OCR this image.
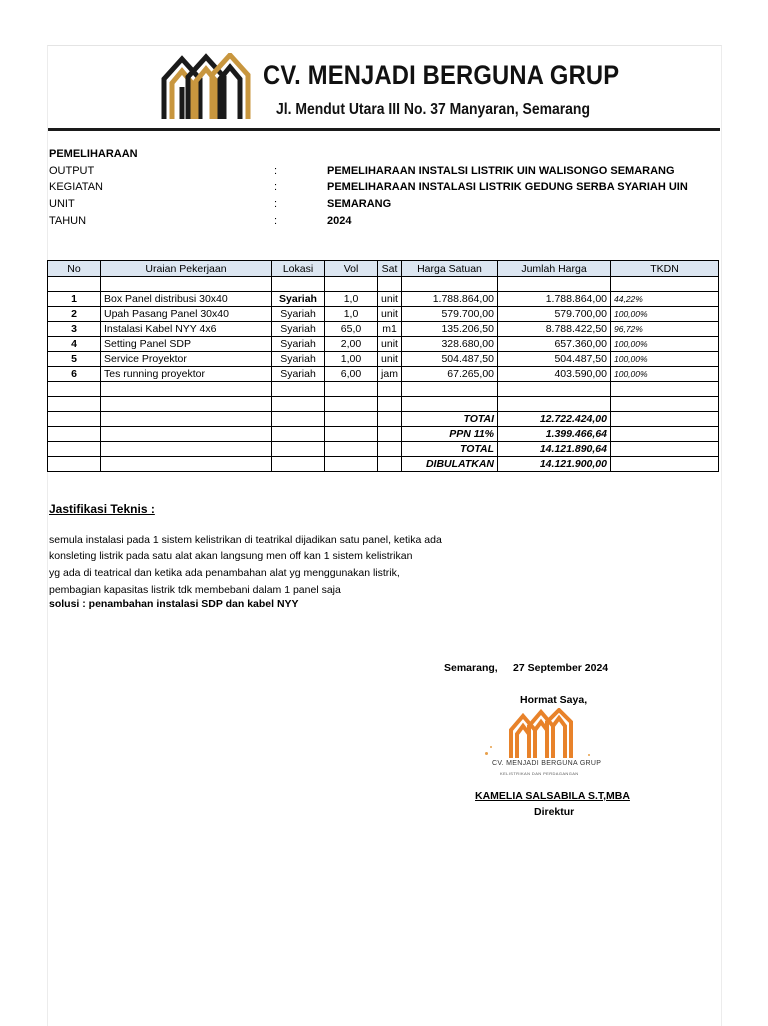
CV. MENJADI BERGUNA GRUP
Jl. Mendut Utara III No. 37 Manyaran, Semarang
PEMELIHARAAN
OUTPUT	:	PEMELIHARAAN INSTALSI LISTRIK UIN WALISONGO SEMARANG
KEGIATAN	:	PEMELIHARAAN INSTALASI LISTRIK GEDUNG SERBA SYARIAH UIN
UNIT	:	SEMARANG
TAHUN	:	2024
No	Uraian Pekerjaan	Lokasi	Vol	Sat	Harga Satuan	Jumlah Harga	TKDN

1	Box Panel distribusi 30x40	Syariah	1,0	unit	1.788.864,00	1.788.864,00	44,22%
2	Upah Pasang Panel 30x40	Syariah	1,0	unit	579.700,00	579.700,00	100,00%
3	Instalasi Kabel NYY 4x6	Syariah	65,0	m1	135.206,50	8.788.422,50	96,72%
4	Setting Panel SDP	Syariah	2,00	unit	328.680,00	657.360,00	100,00%
5	Service Proyektor	Syariah	1,00	unit	504.487,50	504.487,50	100,00%
6	Tes running proyektor	Syariah	6,00	jam	67.265,00	403.590,00	100,00%

					TOTAI	12.722.424,00	
					PPN 11%	1.399.466,64	
					TOTAL	14.121.890,64	
					DIBULATKAN	14.121.900,00	
Jastifikasi Teknis :
semula instalasi pada 1 sistem kelistrikan di teatrikal dijadikan satu panel, ketika ada
konsleting listrik pada satu alat akan langsung men off kan 1 sistem kelistrikan
yg ada di teatrical dan ketika ada penambahan alat yg menggunakan listrik,
pembagian kapasitas listrik tdk membebani dalam 1 panel saja
solusi : penambahan instalasi SDP dan kabel NYY
Semarang, 27 September 2024
Hormat Saya,
CV. MENJADI BERGUNA GRUP
KELISTRIKAN DAN PERDAGANGAN
KAMELIA SALSABILA S.T,MBA
Direktur
